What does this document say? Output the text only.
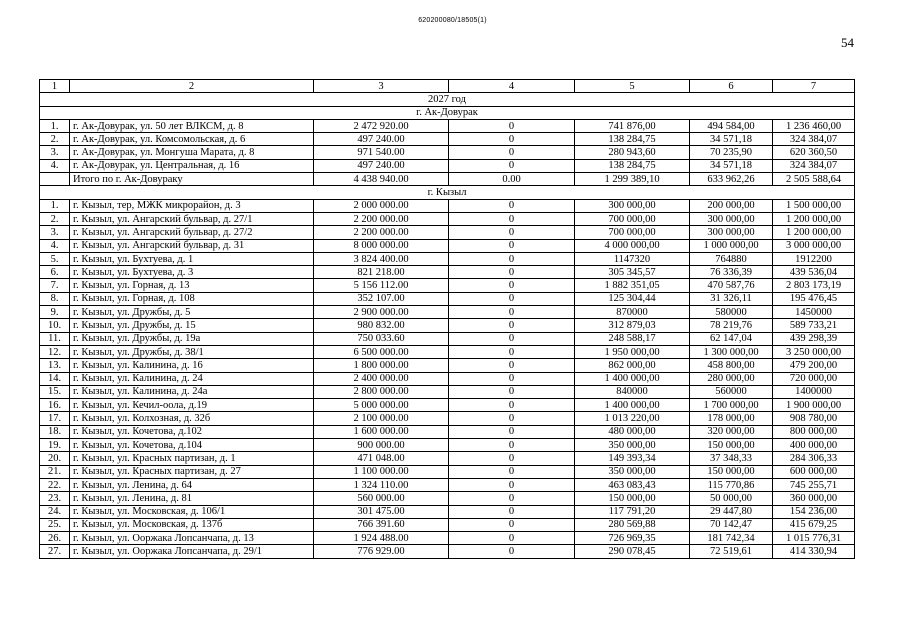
620200080/18505(1)
54
1	2	3	4	5	6	7
2027 год						
г. Ак-Довурак						
1.	г. Ак-Довурак, ул. 50 лет ВЛКСМ, д. 8	2 472 920.00	0	741 876,00	494 584,00	1 236 460,00
2.	г. Ак-Довурак, ул. Комсомольская, д. 6	497 240.00	0	138 284,75	34 571,18	324 384,07
3.	г. Ак-Довурак, ул. Монгуша Марата, д. 8	971 540.00	0	280 943,60	70 235,90	620 360,50
4.	г. Ак-Довурак, ул. Центральная, д. 16	497 240.00	0	138 284,75	34 571,18	324 384,07
	Итого по г. Ак-Довураку	4 438 940.00	0.00	1 299 389,10	633 962,26	2 505 588,64
г. Кызыл						
1.	г. Кызыл, тер, МЖК микрорайон, д. 3	2 000 000.00	0	300 000,00	200 000,00	1 500 000,00
2.	г. Кызыл, ул. Ангарский бульвар, д. 27/1	2 200 000.00	0	700 000,00	300 000,00	1 200 000,00
3.	г. Кызыл, ул. Ангарский бульвар, д. 27/2	2 200 000.00	0	700 000,00	300 000,00	1 200 000,00
4.	г. Кызыл, ул. Ангарский бульвар, д. 31	8 000 000.00	0	4 000 000,00	1 000 000,00	3 000 000,00
5.	г. Кызыл, ул. Бухтуева, д. 1	3 824 400.00	0	1147320	764880	1912200
6.	г. Кызыл, ул. Бухтуева, д. 3	821 218.00	0	305 345,57	76 336,39	439 536,04
7.	г. Кызыл, ул. Горная, д. 13	5 156 112.00	0	1 882 351,05	470 587,76	2 803 173,19
8.	г. Кызыл, ул. Горная, д. 108	352 107.00	0	125 304,44	31 326,11	195 476,45
9.	г. Кызыл, ул. Дружбы, д. 5	2 900 000.00	0	870000	580000	1450000
10.	г. Кызыл, ул. Дружбы, д. 15	980 832.00	0	312 879,03	78 219,76	589 733,21
11.	г. Кызыл, ул. Дружбы, д. 19а	750 033.60	0	248 588,17	62 147,04	439 298,39
12.	г. Кызыл, ул. Дружбы, д. 38/1	6 500 000.00	0	1 950 000,00	1 300 000,00	3 250 000,00
13.	г. Кызыл, ул. Калинина, д. 16	1 800 000.00	0	862 000,00	458 800,00	479 200,00
14.	г. Кызыл, ул. Калинина, д. 24	2 400 000.00	0	1 400 000,00	280 000,00	720 000,00
15.	г. Кызыл, ул. Калинина, д. 24а	2 800 000.00	0	840000	560000	1400000
16.	г. Кызыл, ул. Кечил-оола, д.19	5 000 000.00	0	1 400 000,00	1 700 000,00	1 900 000,00
17.	г. Кызыл, ул. Колхозная, д. 32б	2 100 000.00	0	1 013 220,00	178 000,00	908 780,00
18.	г. Кызыл, ул. Кочетова, д.102	1 600 000.00	0	480 000,00	320 000,00	800 000,00
19.	г. Кызыл, ул. Кочетова, д.104	900 000.00	0	350 000,00	150 000,00	400 000,00
20.	г. Кызыл, ул. Красных партизан, д. 1	471 048.00	0	149 393,34	37 348,33	284 306,33
21.	г. Кызыл, ул. Красных партизан, д. 27	1 100 000.00	0	350 000,00	150 000,00	600 000,00
22.	г. Кызыл, ул. Ленина, д. 64	1 324 110.00	0	463 083,43	115 770,86	745 255,71
23.	г. Кызыл, ул. Ленина, д. 81	560 000.00	0	150 000,00	50 000,00	360 000,00
24.	г. Кызыл, ул. Московская, д. 106/1	301 475.00	0	117 791,20	29 447,80	154 236,00
25.	г. Кызыл, ул. Московская, д. 137б	766 391.60	0	280 569,88	70 142,47	415 679,25
26.	г. Кызыл, ул. Ооржака Лопсанчапа, д. 13	1 924 488.00	0	726 969,35	181 742,34	1 015 776,31
27.	г. Кызыл, ул. Ооржака Лопсанчапа, д. 29/1	776 929.00	0	290 078,45	72 519,61	414 330,94
